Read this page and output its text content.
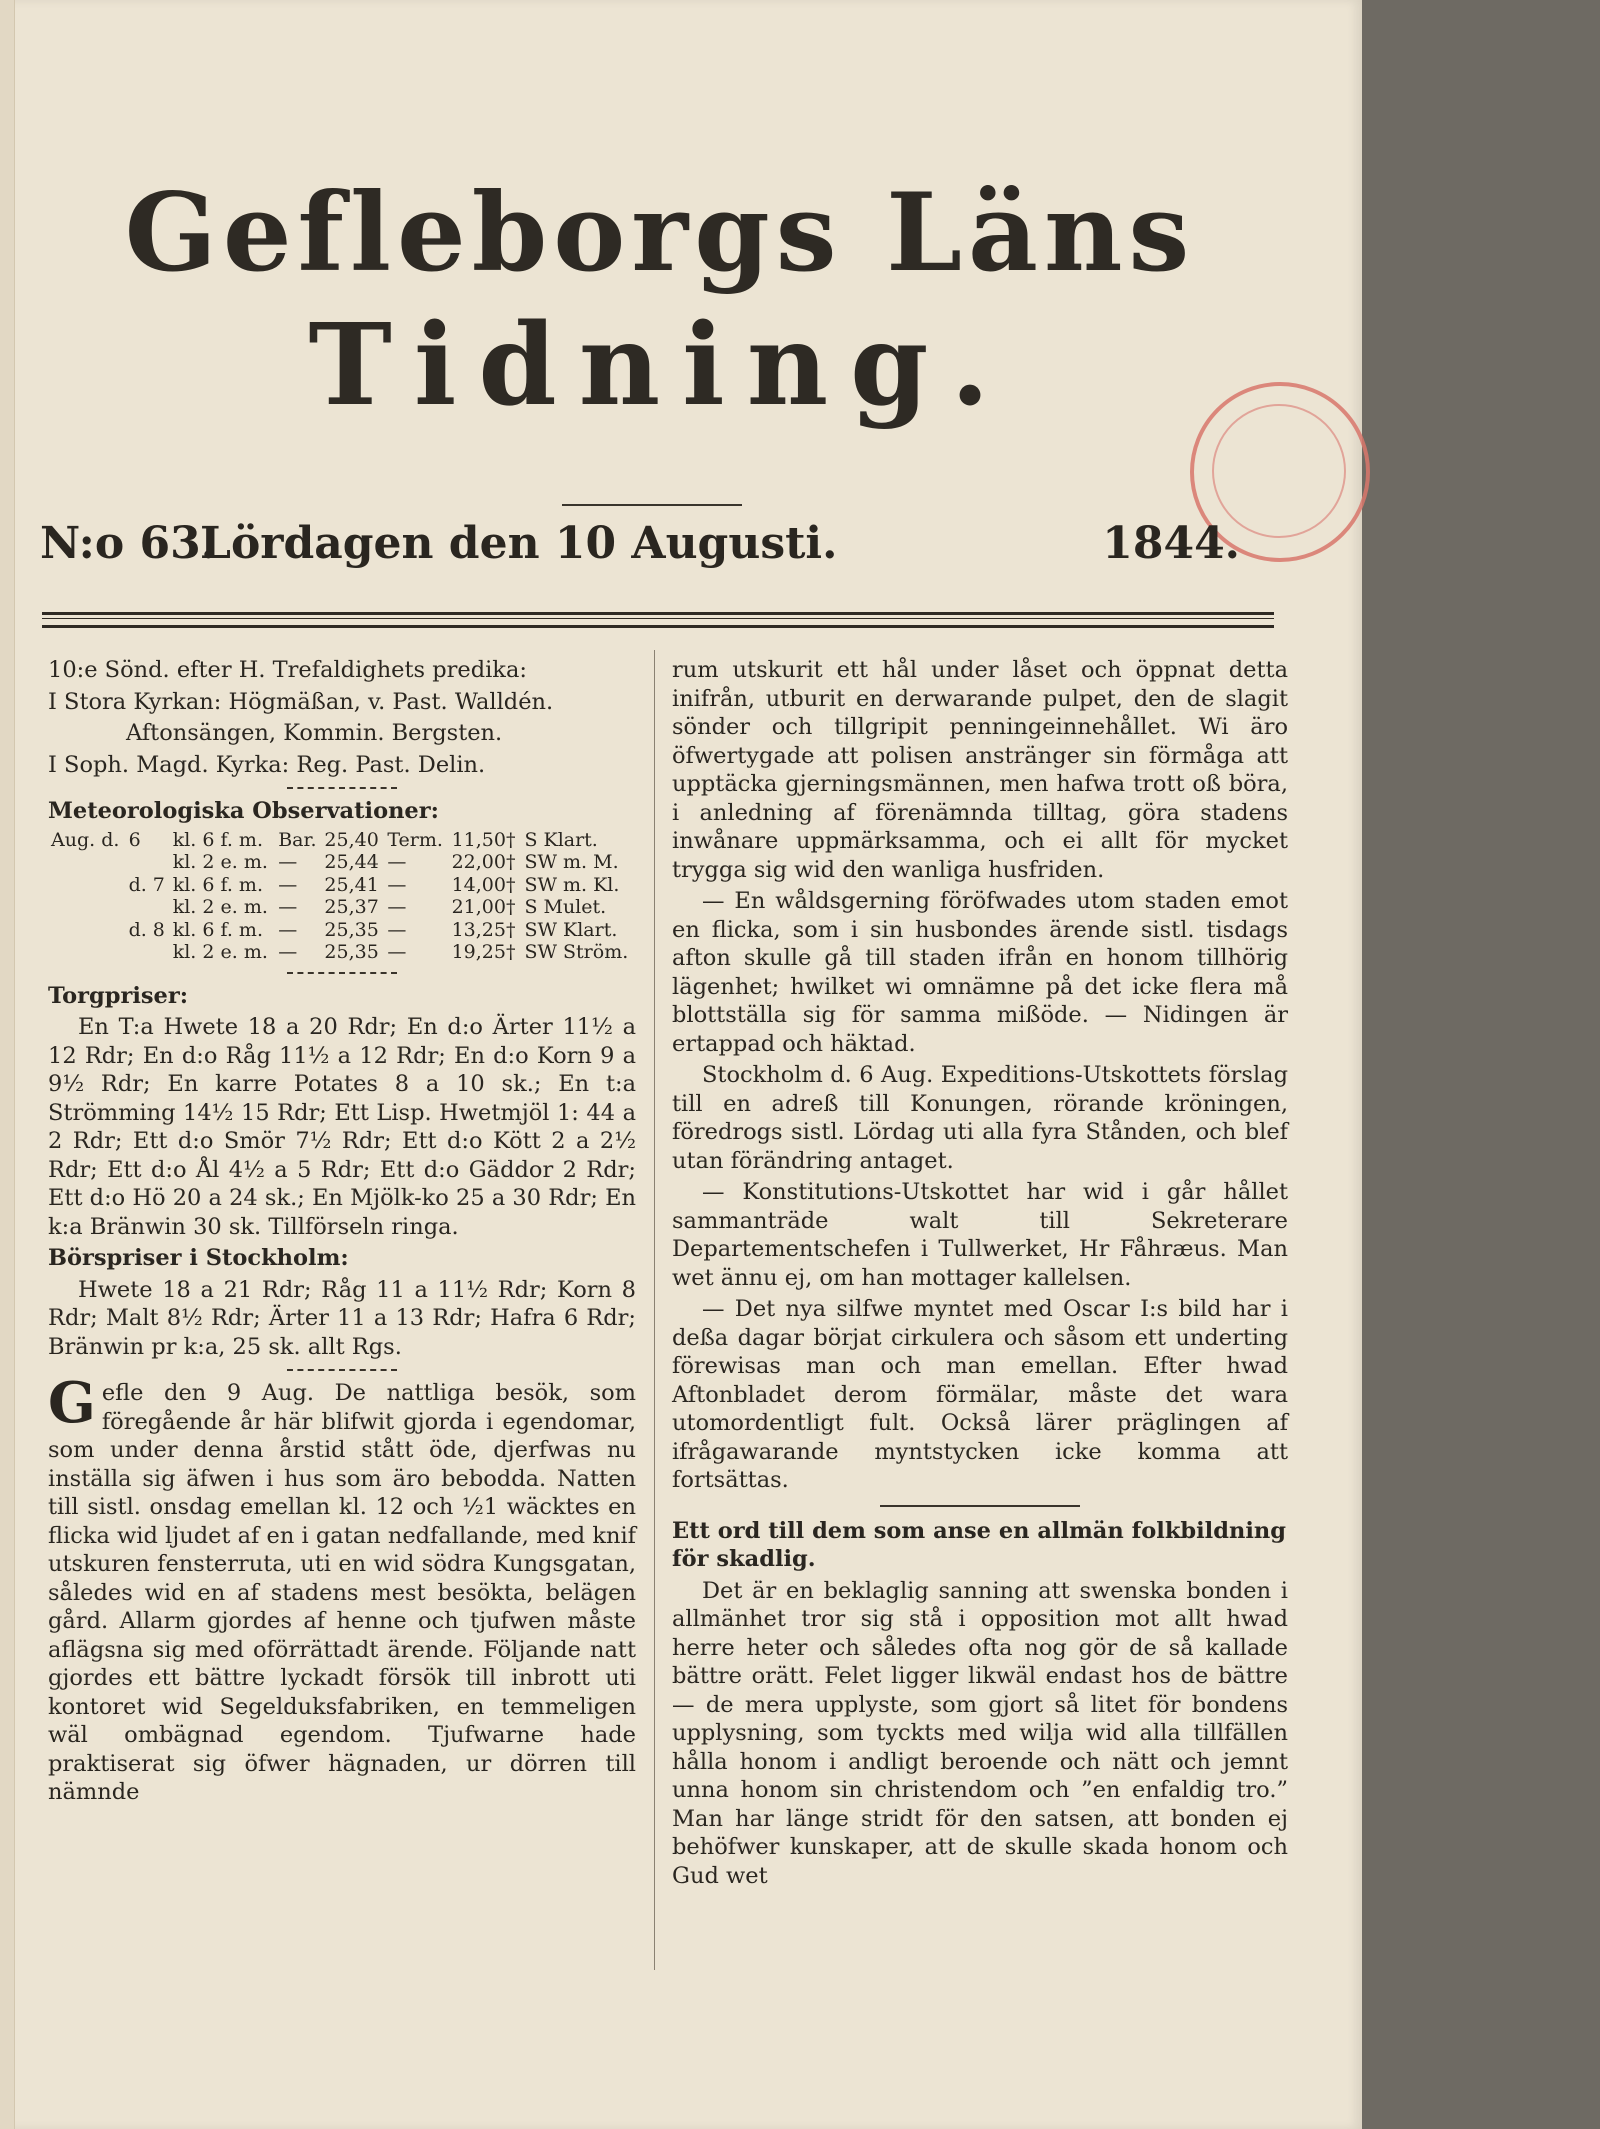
Gefleborgs Läns
Tidning.
N:o 63.
Lördagen den 10 Augusti.	1844.

10:e Sönd. efter H. Trefaldighets predika:

I Stora Kyrkan: Högmäßan, v. Past. Walldén.

Aftonsängen, Kommin. Bergsten.

I Soph. Magd. Kyrka: Reg. Past. Delin.

Meteorologiska Observationer:

Aug. d.	6	kl. 6 f. m.	Bar.	25,40	Term.	11,50†	S Klart.
		kl. 2 e. m.	—	25,44	—	22,00†	SW m. M.
	d. 7	kl. 6 f. m.	—	25,41	—	14,00†	SW m. Kl.
		kl. 2 e. m.	—	25,37	—	21,00†	S Mulet.
	d. 8	kl. 6 f. m.	—	25,35	—	13,25†	SW Klart.
		kl. 2 e. m.	—	25,35	—	19,25†	SW Ström.

Torgpriser:

En T:a Hwete 18 a 20 Rdr; En d:o Ärter 11½ a 12 Rdr; En d:o Råg 11½ a 12 Rdr; En d:o Korn 9 a 9½ Rdr; En karre Potates 8 a 10 sk.; En t:a Strömming 14½ 15 Rdr; Ett Lisp. Hwetmjöl 1: 44 a 2 Rdr; Ett d:o Smör 7½ Rdr; Ett d:o Kött 2 a 2½ Rdr; Ett d:o Ål 4½ a 5 Rdr; Ett d:o Gäddor 2 Rdr; Ett d:o Hö 20 a 24 sk.; En Mjölk-ko 25 a 30 Rdr; En k:a Bränwin 30 sk. Tillförseln ringa.

Börspriser i Stockholm:

Hwete 18 a 21 Rdr; Råg 11 a 11½ Rdr; Korn 8 Rdr; Malt 8½ Rdr; Ärter 11 a 13 Rdr; Hafra 6 Rdr; Bränwin pr k:a, 25 sk. allt Rgs.

Gefle den 9 Aug. De nattliga besök, som föregående år här blifwit gjorda i egendomar, som under denna årstid stått öde, djerfwas nu inställa sig äfwen i hus som äro bebodda. Natten till sistl. onsdag emellan kl. 12 och ½1 wäcktes en flicka wid ljudet af en i gatan nedfallande, med knif utskuren fensterruta, uti en wid södra Kungsgatan, således wid en af stadens mest besökta, belägen gård. Allarm gjordes af henne och tjufwen måste aflägsna sig med oförrättadt ärende. Följande natt gjordes ett bättre lyckadt försök till inbrott uti kontoret wid Segelduksfabriken, en temmeligen wäl ombägnad egendom. Tjufwarne hade praktiserat sig öfwer hägnaden, ur dörren till nämnde

rum utskurit ett hål under låset och öppnat detta inifrån, utburit en derwarande pulpet, den de slagit sönder och tillgripit penningeinnehållet. Wi äro öfwertygade att polisen anstränger sin förmåga att upptäcka gjerningsmännen, men hafwa trott oß böra, i anledning af förenämnda tilltag, göra stadens inwånare uppmärksamma, och ei allt för mycket trygga sig wid den wanliga husfriden.

— En wåldsgerning föröfwades utom staden emot en flicka, som i sin husbondes ärende sistl. tisdags afton skulle gå till staden ifrån en honom tillhörig lägenhet; hwilket wi omnämne på det icke flera må blottställa sig för samma mißöde. — Nidingen är ertappad och häktad.

Stockholm d. 6 Aug. Expeditions-Utskottets förslag till en adreß till Konungen, rörande kröningen, föredrogs sistl. Lördag uti alla fyra Stånden, och blef utan förändring antaget.

— Konstitutions-Utskottet har wid i går hållet sammanträde walt till Sekreterare Departementschefen i Tullwerket, Hr Fåhræus. Man wet ännu ej, om han mottager kallelsen.

— Det nya silfwe myntet med Oscar I:s bild har i deßa dagar börjat cirkulera och såsom ett underting förewisas man och man emellan. Efter hwad Aftonbladet derom förmälar, måste det wara utomordentligt fult. Också lärer präglingen af ifrågawarande myntstycken icke komma att fortsättas.

Ett ord till dem som anse en allmän folkbildning för skadlig.

Det är en beklaglig sanning att swenska bonden i allmänhet tror sig stå i opposition mot allt hwad herre heter och således ofta nog gör de så kallade bättre orätt. Felet ligger likwäl endast hos de bättre — de mera upplyste, som gjort så litet för bondens upplysning, som tyckts med wilja wid alla tillfällen hålla honom i andligt beroende och nätt och jemnt unna honom sin christendom och ”en enfaldig tro.” Man har länge stridt för den satsen, att bonden ej behöfwer kunskaper, att de skulle skada honom och Gud wet
